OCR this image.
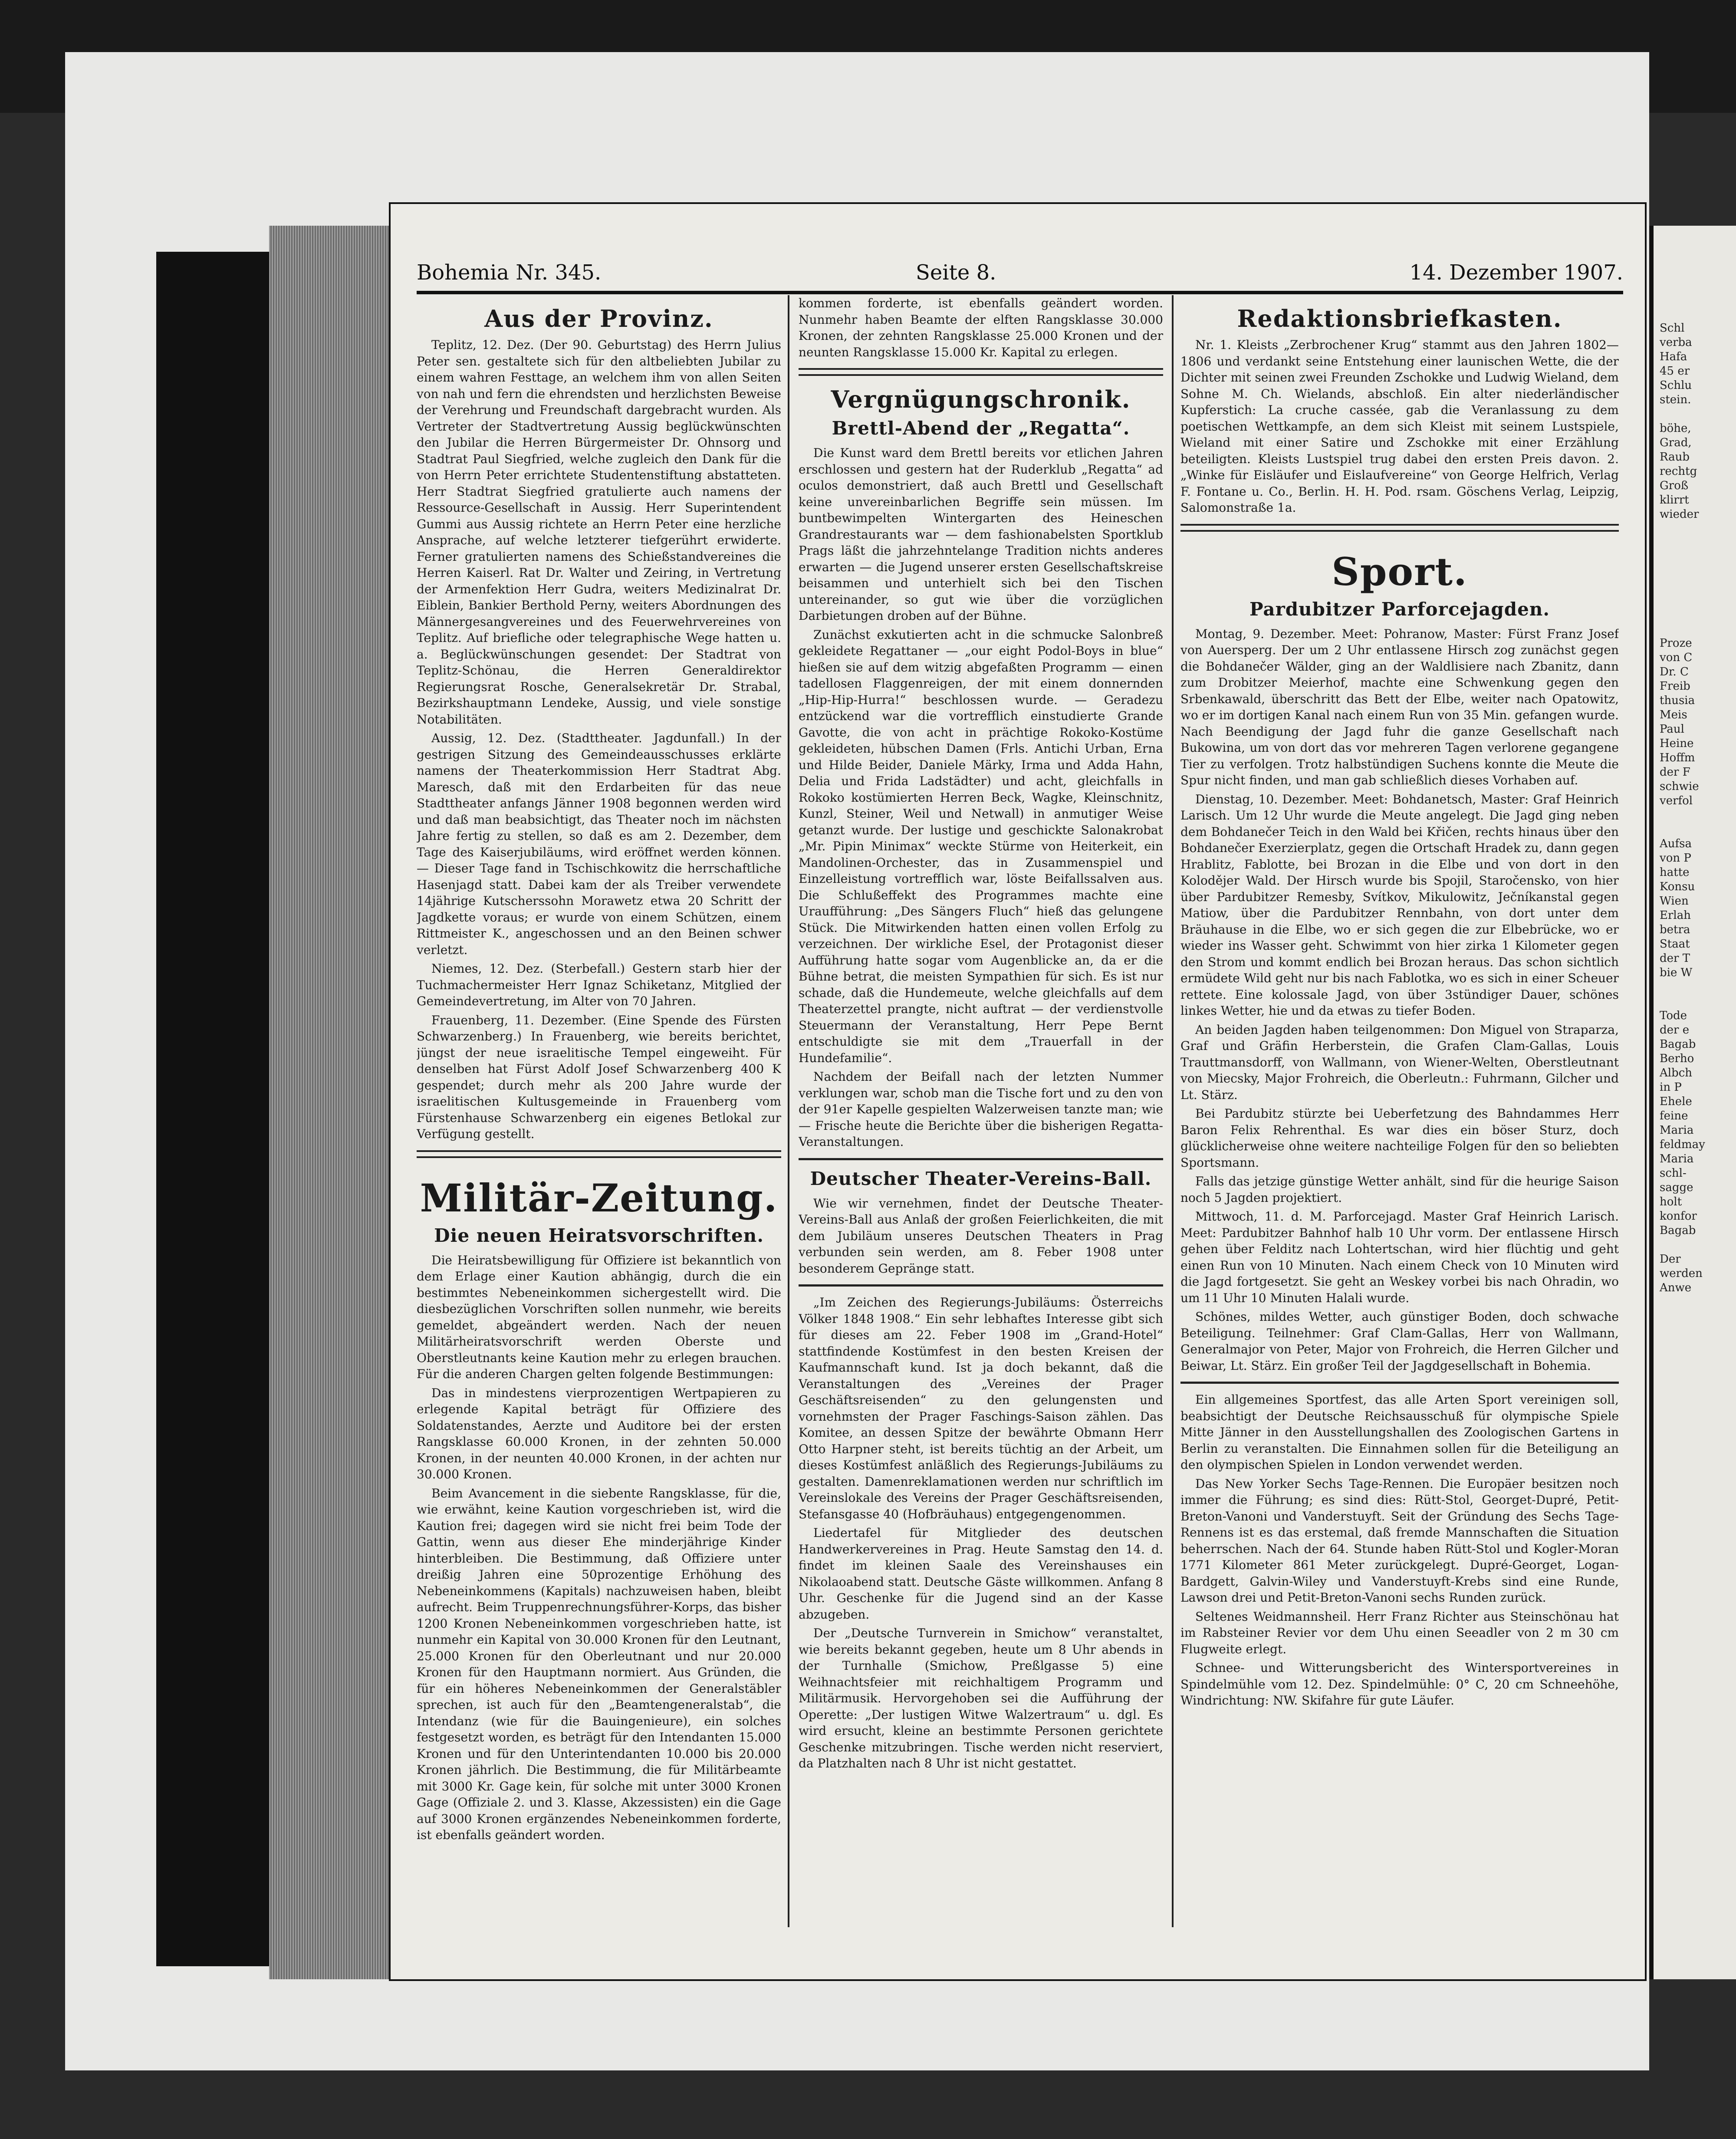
Bohemia Nr. 345.	Seite 8.	14. Dezember 1907.
Aus der Provinz.

Teplitz, 12. Dez. (Der 90. Geburtstag) des Herrn Julius Peter sen. gestaltete sich für den altbeliebten Jubilar zu einem wahren Festtage, an welchem ihm von allen Seiten von nah und fern die ehrendsten und herzlichsten Beweise der Verehrung und Freundschaft dargebracht wurden. Als Vertreter der Stadtvertretung Aussig beglückwünschten den Jubilar die Herren Bürgermeister Dr. Ohnsorg und Stadtrat Paul Siegfried, welche zugleich den Dank für die von Herrn Peter errichtete Studentenstiftung abstatteten. Herr Stadtrat Siegfried gratulierte auch namens der Ressource-Gesellschaft in Aussig. Herr Superintendent Gummi aus Aussig richtete an Herrn Peter eine herzliche Ansprache, auf welche letzterer tiefgerührt erwiderte. Ferner gratulierten namens des Schießstandvereines die Herren Kaiserl. Rat Dr. Walter und Zeiring, in Vertretung der Armenfektion Herr Gudra, weiters Medizinalrat Dr. Eiblein, Bankier Berthold Perny, weiters Abordnungen des Männergesangvereines und des Feuerwehrvereines von Teplitz. Auf briefliche oder telegraphische Wege hatten u. a. Beglückwünschungen gesendet: Der Stadtrat von Teplitz-Schönau, die Herren Generaldirektor Regierungsrat Rosche, Generalsekretär Dr. Strabal, Bezirkshauptmann Lendeke, Aussig, und viele sonstige Notabilitäten.

Aussig, 12. Dez. (Stadttheater. Jagdunfall.) In der gestrigen Sitzung des Gemeindeausschusses erklärte namens der Theaterkommission Herr Stadtrat Abg. Maresch, daß mit den Erdarbeiten für das neue Stadttheater anfangs Jänner 1908 begonnen werden wird und daß man beabsichtigt, das Theater noch im nächsten Jahre fertig zu stellen, so daß es am 2. Dezember, dem Tage des Kaiserjubiläums, wird eröffnet werden können. — Dieser Tage fand in Tschischkowitz die herrschaftliche Hasenjagd statt. Dabei kam der als Treiber verwendete 14jährige Kutscherssohn Morawetz etwa 20 Schritt der Jagdkette voraus; er wurde von einem Schützen, einem Rittmeister K., angeschossen und an den Beinen schwer verletzt.

Niemes, 12. Dez. (Sterbefall.) Gestern starb hier der Tuchmachermeister Herr Ignaz Schiketanz, Mitglied der Gemeindevertretung, im Alter von 70 Jahren.

Frauenberg, 11. Dezember. (Eine Spende des Fürsten Schwarzenberg.) In Frauenberg, wie bereits berichtet, jüngst der neue israelitische Tempel eingeweiht. Für denselben hat Fürst Adolf Josef Schwarzenberg 400 K gespendet; durch mehr als 200 Jahre wurde der israelitischen Kultusgemeinde in Frauenberg vom Fürstenhause Schwarzenberg ein eigenes Betlokal zur Verfügung gestellt.

Militär-Zeitung.
Die neuen Heiratsvorschriften.

Die Heiratsbewilligung für Offiziere ist bekanntlich von dem Erlage einer Kaution abhängig, durch die ein bestimmtes Nebeneinkommen sichergestellt wird. Die diesbezüglichen Vorschriften sollen nunmehr, wie bereits gemeldet, abgeändert werden. Nach der neuen Militärheiratsvorschrift werden Oberste und Oberstleutnants keine Kaution mehr zu erlegen brauchen. Für die anderen Chargen gelten folgende Bestimmungen:

Das in mindestens vierprozentigen Wertpapieren zu erlegende Kapital beträgt für Offiziere des Soldatenstandes, Aerzte und Auditore bei der ersten Rangsklasse 60.000 Kronen, in der zehnten 50.000 Kronen, in der neunten 40.000 Kronen, in der achten nur 30.000 Kronen.

Beim Avancement in die siebente Rangsklasse, für die, wie erwähnt, keine Kaution vorgeschrieben ist, wird die Kaution frei; dagegen wird sie nicht frei beim Tode der Gattin, wenn aus dieser Ehe minderjährige Kinder hinterbleiben. Die Bestimmung, daß Offiziere unter dreißig Jahren eine 50prozentige Erhöhung des Nebeneinkommens (Kapitals) nachzuweisen haben, bleibt aufrecht. Beim Truppenrechnungsführer-Korps, das bisher 1200 Kronen Nebeneinkommen vorgeschrieben hatte, ist nunmehr ein Kapital von 30.000 Kronen für den Leutnant, 25.000 Kronen für den Oberleutnant und nur 20.000 Kronen für den Hauptmann normiert. Aus Gründen, die für ein höheres Nebeneinkommen der Generalstäbler sprechen, ist auch für den „Beamtengeneralstab“, die Intendanz (wie für die Bauingenieure), ein solches festgesetzt worden, es beträgt für den Intendanten 15.000 Kronen und für den Unterintendanten 10.000 bis 20.000 Kronen jährlich. Die Bestimmung, die für Militärbeamte mit 3000 Kr. Gage kein, für solche mit unter 3000 Kronen Gage (Offiziale 2. und 3. Klasse, Akzessisten) ein die Gage auf 3000 Kronen ergänzendes Nebeneinkommen forderte, ist ebenfalls geändert worden.

kommen forderte, ist ebenfalls geändert worden. Nunmehr haben Beamte der elften Rangsklasse 30.000 Kronen, der zehnten Rangsklasse 25.000 Kronen und der neunten Rangsklasse 15.000 Kr. Kapital zu erlegen.

Vergnügungschronik.
Brettl-Abend der „Regatta“.

Die Kunst ward dem Brettl bereits vor etlichen Jahren erschlossen und gestern hat der Ruderklub „Regatta“ ad oculos demonstriert, daß auch Brettl und Gesellschaft keine unvereinbarlichen Begriffe sein müssen. Im buntbewimpelten Wintergarten des Heineschen Grandrestaurants war — dem fashionabelsten Sportklub Prags läßt die jahrzehntelange Tradition nichts anderes erwarten — die Jugend unserer ersten Gesellschaftskreise beisammen und unterhielt sich bei den Tischen untereinander, so gut wie über die vorzüglichen Darbietungen droben auf der Bühne.

Zunächst exkutierten acht in die schmucke Salonbreß gekleidete Regattaner — „our eight Podol-Boys in blue“ hießen sie auf dem witzig abgefaßten Programm — einen tadellosen Flaggenreigen, der mit einem donnernden „Hip-Hip-Hurra!“ beschlossen wurde. — Geradezu entzückend war die vortrefflich einstudierte Grande Gavotte, die von acht in prächtige Rokoko-Kostüme gekleideten, hübschen Damen (Frls. Antichi Urban, Erna und Hilde Beider, Daniele Märky, Irma und Adda Hahn, Delia und Frida Ladstädter) und acht, gleichfalls in Rokoko kostümierten Herren Beck, Wagke, Kleinschnitz, Kunzl, Steiner, Weil und Netwall) in anmutiger Weise getanzt wurde. Der lustige und geschickte Salonakrobat „Mr. Pipin Minimax“ weckte Stürme von Heiterkeit, ein Mandolinen-Orchester, das in Zusammenspiel und Einzelleistung vortrefflich war, löste Beifallssalven aus. Die Schlußeffekt des Programmes machte eine Uraufführung: „Des Sängers Fluch“ hieß das gelungene Stück. Die Mitwirkenden hatten einen vollen Erfolg zu verzeichnen. Der wirkliche Esel, der Protagonist dieser Aufführung hatte sogar vom Augenblicke an, da er die Bühne betrat, die meisten Sympathien für sich. Es ist nur schade, daß die Hundemeute, welche gleichfalls auf dem Theaterzettel prangte, nicht auftrat — der verdienstvolle Steuermann der Veranstaltung, Herr Pepe Bernt entschuldigte sie mit dem „Trauerfall in der Hundefamilie“.

Nachdem der Beifall nach der letzten Nummer verklungen war, schob man die Tische fort und zu den von der 91er Kapelle gespielten Walzerweisen tanzte man; wie — Frische heute die Berichte über die bisherigen Regatta-Veranstaltungen.

Deutscher Theater-Vereins-Ball.

Wie wir vernehmen, findet der Deutsche Theater-Vereins-Ball aus Anlaß der großen Feierlichkeiten, die mit dem Jubiläum unseres Deutschen Theaters in Prag verbunden sein werden, am 8. Feber 1908 unter besonderem Gepränge statt.

„Im Zeichen des Regierungs-Jubiläums: Österreichs Völker 1848 1908.“ Ein sehr lebhaftes Interesse gibt sich für dieses am 22. Feber 1908 im „Grand-Hotel“ stattfindende Kostümfest in den besten Kreisen der Kaufmannschaft kund. Ist ja doch bekannt, daß die Veranstaltungen des „Vereines der Prager Geschäftsreisenden“ zu den gelungensten und vornehmsten der Prager Faschings-Saison zählen. Das Komitee, an dessen Spitze der bewährte Obmann Herr Otto Harpner steht, ist bereits tüchtig an der Arbeit, um dieses Kostümfest anläßlich des Regierungs-Jubiläums zu gestalten. Damenreklamationen werden nur schriftlich im Vereinslokale des Vereins der Prager Geschäftsreisenden, Stefansgasse 40 (Hofbräuhaus) entgegengenommen.

Liedertafel für Mitglieder des deutschen Handwerkervereines in Prag. Heute Samstag den 14. d. findet im kleinen Saale des Vereinshauses ein Nikolaoabend statt. Deutsche Gäste willkommen. Anfang 8 Uhr. Geschenke für die Jugend sind an der Kasse abzugeben.

Der „Deutsche Turnverein in Smichow“ veranstaltet, wie bereits bekannt gegeben, heute um 8 Uhr abends in der Turnhalle (Smichow, Preßlgasse 5) eine Weihnachtsfeier mit reichhaltigem Programm und Militärmusik. Hervorgehoben sei die Aufführung der Operette: „Der lustigen Witwe Walzertraum“ u. dgl. Es wird ersucht, kleine an bestimmte Personen gerichtete Geschenke mitzubringen. Tische werden nicht reserviert, da Platzhalten nach 8 Uhr ist nicht gestattet.

Redaktionsbriefkasten.

Nr. 1. Kleists „Zerbrochener Krug“ stammt aus den Jahren 1802—1806 und verdankt seine Entstehung einer launischen Wette, die der Dichter mit seinen zwei Freunden Zschokke und Ludwig Wieland, dem Sohne M. Ch. Wielands, abschloß. Ein alter niederländischer Kupferstich: La cruche cassée, gab die Veranlassung zu dem poetischen Wettkampfe, an dem sich Kleist mit seinem Lustspiele, Wieland mit einer Satire und Zschokke mit einer Erzählung beteiligten. Kleists Lustspiel trug dabei den ersten Preis davon. 2. „Winke für Eisläufer und Eislaufvereine“ von George Helfrich, Verlag F. Fontane u. Co., Berlin. H. H. Pod. rsam. Göschens Verlag, Leipzig, Salomonstraße 1a.

Sport.
Pardubitzer Parforcejagden.

Montag, 9. Dezember. Meet: Pohranow, Master: Fürst Franz Josef von Auersperg. Der um 2 Uhr entlassene Hirsch zog zunächst gegen die Bohdanečer Wälder, ging an der Waldlisiere nach Zbanitz, dann zum Drobitzer Meierhof, machte eine Schwenkung gegen den Srbenkawald, überschritt das Bett der Elbe, weiter nach Opatowitz, wo er im dortigen Kanal nach einem Run von 35 Min. gefangen wurde. Nach Beendigung der Jagd fuhr die ganze Gesellschaft nach Bukowina, um von dort das vor mehreren Tagen verlorene gegangene Tier zu verfolgen. Trotz halbstündigen Suchens konnte die Meute die Spur nicht finden, und man gab schließlich dieses Vorhaben auf.

Dienstag, 10. Dezember. Meet: Bohdanetsch, Master: Graf Heinrich Larisch. Um 12 Uhr wurde die Meute angelegt. Die Jagd ging neben dem Bohdanečer Teich in den Wald bei Křičen, rechts hinaus über den Bohdanečer Exerzierplatz, gegen die Ortschaft Hradek zu, dann gegen Hrablitz, Fablotte, bei Brozan in die Elbe und von dort in den Kolodějer Wald. Der Hirsch wurde bis Spojil, Staročensko, von hier über Pardubitzer Remesby, Svítkov, Mikulowitz, Ječníkanstal gegen Matiow, über die Pardubitzer Rennbahn, von dort unter dem Bräuhause in die Elbe, wo er sich gegen die zur Elbebrücke, wo er wieder ins Wasser geht. Schwimmt von hier zirka 1 Kilometer gegen den Strom und kommt endlich bei Brozan heraus. Das schon sichtlich ermüdete Wild geht nur bis nach Fablotka, wo es sich in einer Scheuer rettete. Eine kolossale Jagd, von über 3stündiger Dauer, schönes linkes Wetter, hie und da etwas zu tiefer Boden.

An beiden Jagden haben teilgenommen: Don Miguel von Straparza, Graf und Gräfin Herberstein, die Grafen Clam-Gallas, Louis Trauttmansdorff, von Wallmann, von Wiener-Welten, Oberstleutnant von Miecsky, Major Frohreich, die Oberleutn.: Fuhrmann, Gilcher und Lt. Stärz.

Bei Pardubitz stürzte bei Ueberfetzung des Bahndammes Herr Baron Felix Rehrenthal. Es war dies ein böser Sturz, doch glücklicherweise ohne weitere nachteilige Folgen für den so beliebten Sportsmann.

Falls das jetzige günstige Wetter anhält, sind für die heurige Saison noch 5 Jagden projektiert.

Mittwoch, 11. d. M. Parforcejagd. Master Graf Heinrich Larisch. Meet: Pardubitzer Bahnhof halb 10 Uhr vorm. Der entlassene Hirsch gehen über Felditz nach Lohtertschan, wird hier flüchtig und geht einen Run von 10 Minuten. Nach einem Check von 10 Minuten wird die Jagd fortgesetzt. Sie geht an Weskey vorbei bis nach Ohradin, wo um 11 Uhr 10 Minuten Halali wurde.

Schönes, mildes Wetter, auch günstiger Boden, doch schwache Beteiligung. Teilnehmer: Graf Clam-Gallas, Herr von Wallmann, Generalmajor von Peter, Major von Frohreich, die Herren Gilcher und Beiwar, Lt. Stärz. Ein großer Teil der Jagdgesellschaft in Bohemia.

Ein allgemeines Sportfest, das alle Arten Sport vereinigen soll, beabsichtigt der Deutsche Reichsausschuß für olympische Spiele Mitte Jänner in den Ausstellungshallen des Zoologischen Gartens in Berlin zu veranstalten. Die Einnahmen sollen für die Beteiligung an den olympischen Spielen in London verwendet werden.

Das New Yorker Sechs Tage-Rennen. Die Europäer besitzen noch immer die Führung; es sind dies: Rütt-Stol, Georget-Dupré, Petit-Breton-Vanoni und Vanderstuyft. Seit der Gründung des Sechs Tage-Rennens ist es das erstemal, daß fremde Mannschaften die Situation beherrschen. Nach der 64. Stunde haben Rütt-Stol und Kogler-Moran 1771 Kilometer 861 Meter zurückgelegt. Dupré-Georget, Logan-Bardgett, Galvin-Wiley und Vanderstuyft-Krebs sind eine Runde, Lawson drei und Petit-Breton-Vanoni sechs Runden zurück.

Seltenes Weidmannsheil. Herr Franz Richter aus Steinschönau hat im Rabsteiner Revier vor dem Uhu einen Seeadler von 2 m 30 cm Flugweite erlegt.

Schnee- und Witterungsbericht des Wintersportvereines in Spindelmühle vom 12. Dez. Spindelmühle: 0° C, 20 cm Schneehöhe, Windrichtung: NW. Skifahre für gute Läufer.

Schl
verba
Hafa
45 er
Schlu
stein.

böhe,
Grad,
Raub
rechtg
Groß
klirrt
wieder

Proze
von C
Dr. C
Freib
thusia
Meis
Paul
Heine
Hoffm
der F
schwie
verfol

Aufsa
von P
hatte
Konsu
Wien
Erlah
betra
Staat
der T
bie W

Tode
der e
Bagab
Berho
Albch
in P
Ehele
feine
Maria
feldmay
Maria
schl-
sagge
holt
konfor
Bagab

Der
werden
Anwe
